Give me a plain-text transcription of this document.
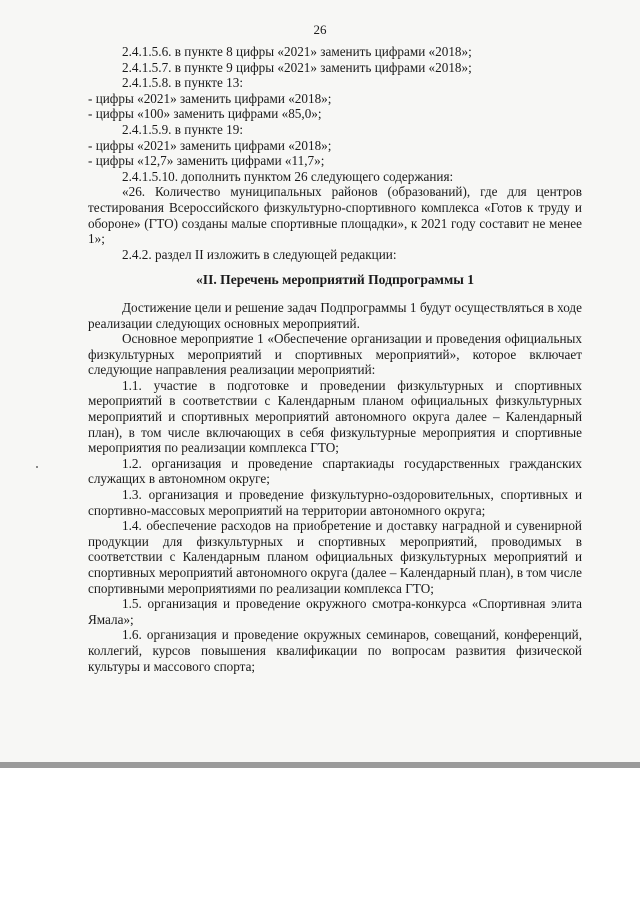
26

2.4.1.5.6. в пункте 8 цифры «2021» заменить цифрами «2018»;

2.4.1.5.7. в пункте 9 цифры «2021» заменить цифрами «2018»;

2.4.1.5.8. в пункте 13:

- цифры «2021» заменить цифрами «2018»;

- цифры «100» заменить цифрами «85,0»;

2.4.1.5.9. в пункте 19:

- цифры «2021» заменить цифрами «2018»;

- цифры «12,7» заменить цифрами «11,7»;

2.4.1.5.10. дополнить пунктом 26 следующего содержания:

«26. Количество муниципальных районов (образований), где для центров тестирования Всероссийского физкультурно-спортивного комплекса «Готов к труду и обороне» (ГТО) созданы малые спортивные площадки», к 2021 году составит не менее 1»;

2.4.2. раздел II изложить в следующей редакции:

«II. Перечень мероприятий Подпрограммы 1

Достижение цели и решение задач Подпрограммы 1 будут осуществляться в ходе реализации следующих основных мероприятий.

Основное мероприятие 1 «Обеспечение организации и проведения официальных физкультурных мероприятий и спортивных мероприятий», которое включает следующие направления реализации мероприятий:

1.1. участие в подготовке и проведении физкультурных и спортивных мероприятий в соответствии с Календарным планом официальных физкультурных мероприятий и спортивных мероприятий автономного округа далее – Календарный план), в том числе включающих в себя физкультурные мероприятия и спортивные мероприятия по реализации комплекса ГТО;

1.2. организация и проведение спартакиады государственных гражданских служащих в автономном округе;

1.3. организация и проведение физкультурно-оздоровительных, спортивных и спортивно-массовых мероприятий на территории автономного округа;

1.4. обеспечение расходов на приобретение и доставку наградной и сувенирной продукции для физкультурных и спортивных мероприятий, проводимых в соответствии с Календарным планом официальных физкультурных мероприятий и спортивных мероприятий автономного округа (далее – Календарный план), в том числе спортивными мероприятиями по реализации комплекса ГТО;

1.5. организация и проведение окружного смотра-конкурса «Спортивная элита Ямала»;

1.6. организация и проведение окружных семинаров, совещаний, конференций, коллегий, курсов повышения квалификации по вопросам развития физической культуры и массового спорта;
